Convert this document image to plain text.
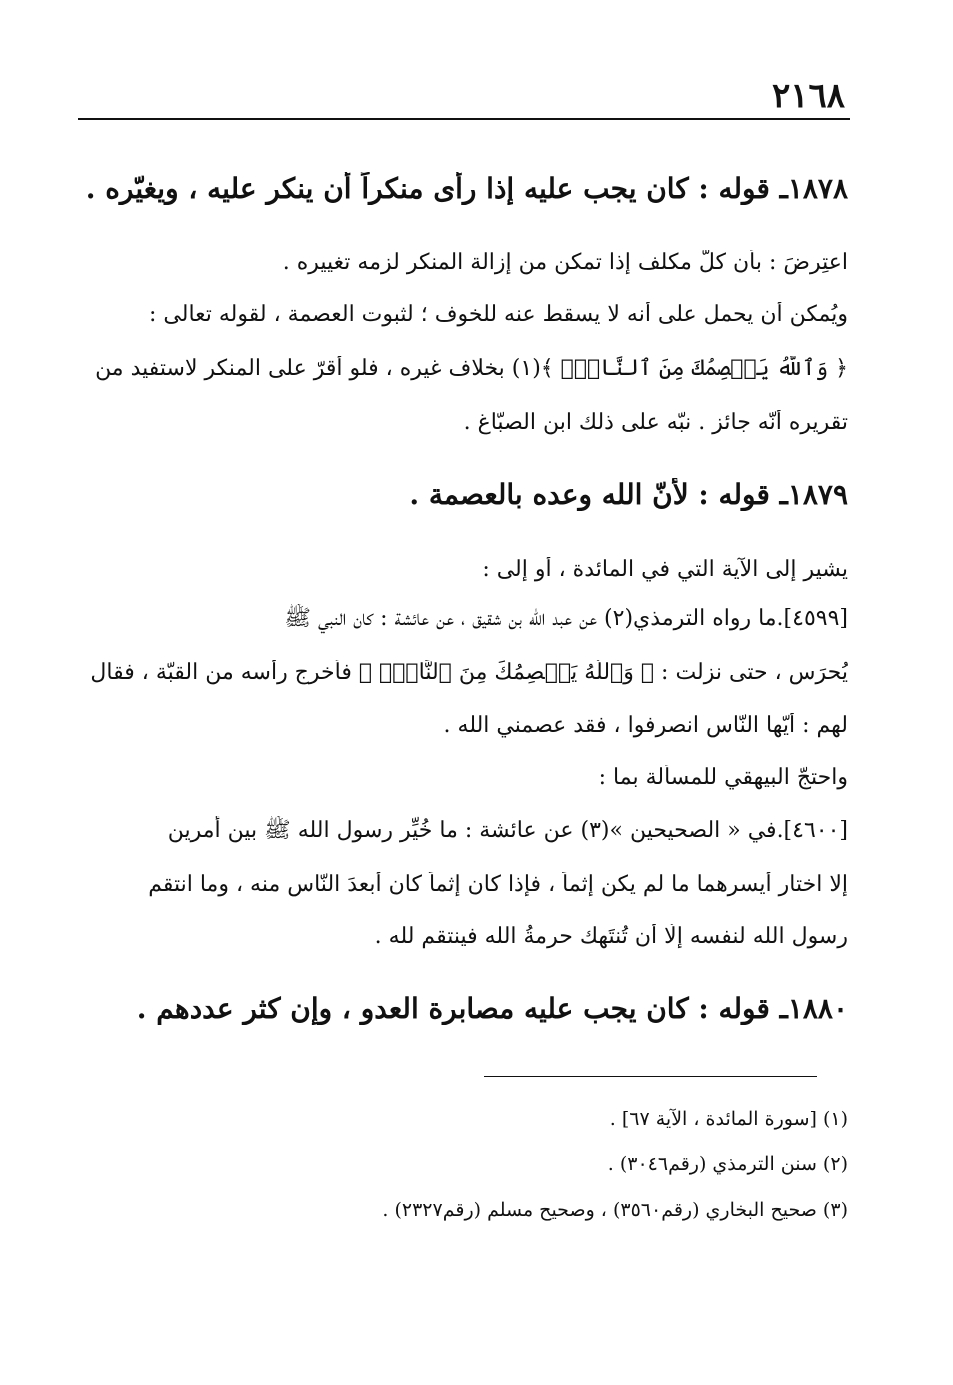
٢١٦٨
١٨٧٨ـ قوله : كان يجب عليه إذا رأى منكراً أن ينكر عليه ، ويغيّره .
اعتِرضَ : بأن كلّ مكلف إذا تمكن من إزالة المنكر لزمه تغييره .
ويُمكن أن يحمل على أنه لا يسقط عنه للخوف ؛ لثبوت العصمة ، لقوله تعالى :
﴿ وَٱللَّهُ يَعۡصِمُكَ مِنَ ٱلنَّاسِۗ ﴾(١) بخلاف غيره ، فلو أقرّ على المنكر لاستفيد من
تقريره أنّه جائز . نبّه على ذلك ابن الصبّاغ .
١٨٧٩ـ قوله : لأنّ الله وعده بالعصمة .
يشير إلى الآية التي في المائدة ، أو إلى :
[٤٥٩٩].ما رواه الترمذي(٢) عن عبد الله بن شقيق ، عن عائشة : كان النبي ﷺ
يُحرَس ، حتى نزلت : ﴿ وَٱللَّهُ يَعۡصِمُكَ مِنَ ٱلنَّاسِۗ ﴾ فأخرج رأسه من القبّة ، فقال
لهم : أيّها النّاس انصرفوا ، فقد عصمني الله .
واحتجّ البيهقي للمسألة بما :
[٤٦٠٠].في « الصحيحين »(٣) عن عائشة : ما خُيِّر رسول الله ﷺ بين أمرين
إلا اختار أيسرهما ما لم يكن إثماً ، فإذا كان إثماً كان أبعدَ النّاس منه ، وما انتقم
رسول الله لنفسه إلّا أن تُنتَهك حرمةُ الله فينتقم لله .
١٨٨٠ـ قوله : كان يجب عليه مصابرة العدو ، وإن كثر عددهم .
(١) [سورة المائدة ، الآية ٦٧] .
(٢) سنن الترمذي (رقم٣٠٤٦) .
(٣) صحيح البخاري (رقم٣٥٦٠) ، وصحيح مسلم (رقم٢٣٢٧) .
